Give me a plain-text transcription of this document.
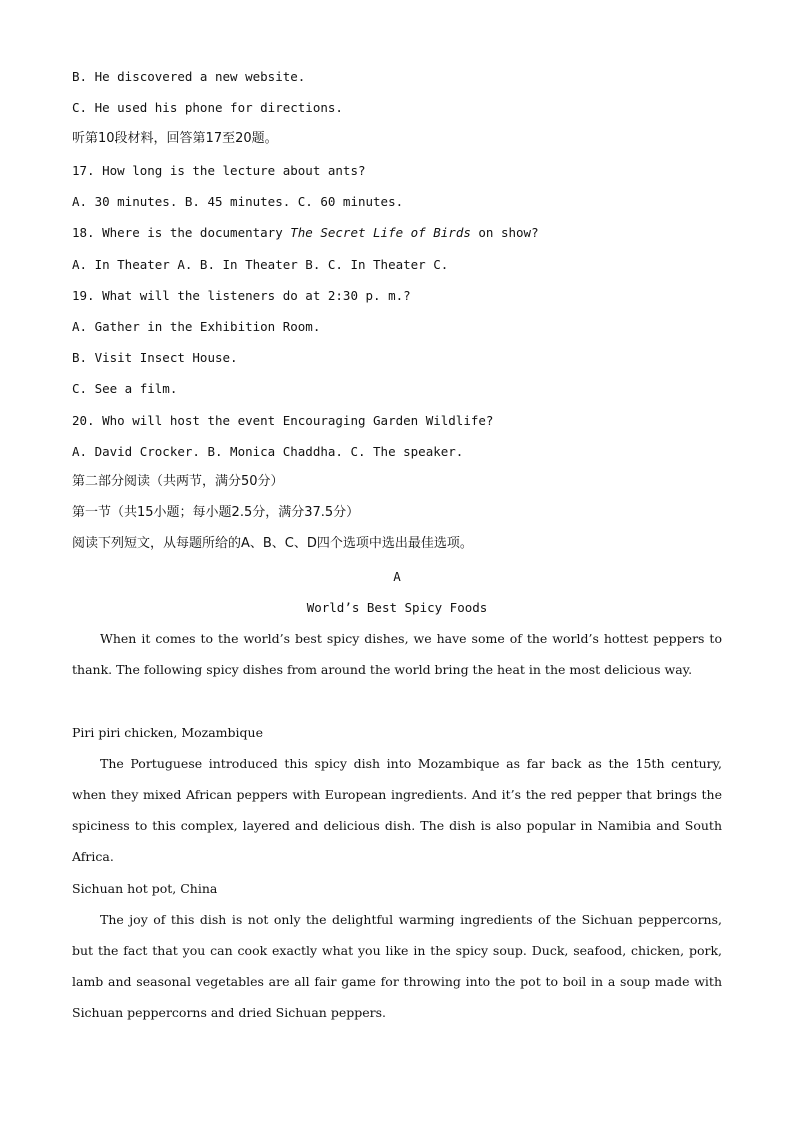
B. He discovered a new website.
C. He used his phone for directions.
听第10段材料，回答第17至20题。
17. How long is the lecture about ants?
A. 30 minutes. B. 45 minutes. C. 60 minutes.
18. Where is the documentary The Secret Life of Birds on show?
A. In Theater A. B. In Theater B. C. In Theater C.
19. What will the listeners do at 2:30 p. m.?
A. Gather in the Exhibition Room.
B. Visit Insect House.
C. See a film.
20. Who will host the event Encouraging Garden Wildlife?
A. David Crocker. B. Monica Chaddha. C. The speaker.
第二部分阅读（共两节，满分50分）
第一节（共15小题；每小题2.5分，满分37.5分）
阅读下列短文，从每题所给的A、B、C、D四个选项中选出最佳选项。
A
World’s Best Spicy Foods

When it comes to the world’s best spicy dishes, we have some of the world’s hottest peppers to thank. The following spicy dishes from around the world bring the heat in the most delicious way.

Piri piri chicken, Mozambique

The Portuguese introduced this spicy dish into Mozambique as far back as the 15th century, when they mixed African peppers with European ingredients. And it’s the red pepper that brings the spiciness to this complex, layered and delicious dish. The dish is also popular in Namibia and South Africa.

Sichuan hot pot, China

The joy of this dish is not only the delightful warming ingredients of the Sichuan peppercorns, but the fact that you can cook exactly what you like in the spicy soup. Duck, seafood, chicken, pork, lamb and seasonal vegetables are all fair game for throwing into the pot to boil in a soup made with Sichuan peppercorns and dried Sichuan peppers.
